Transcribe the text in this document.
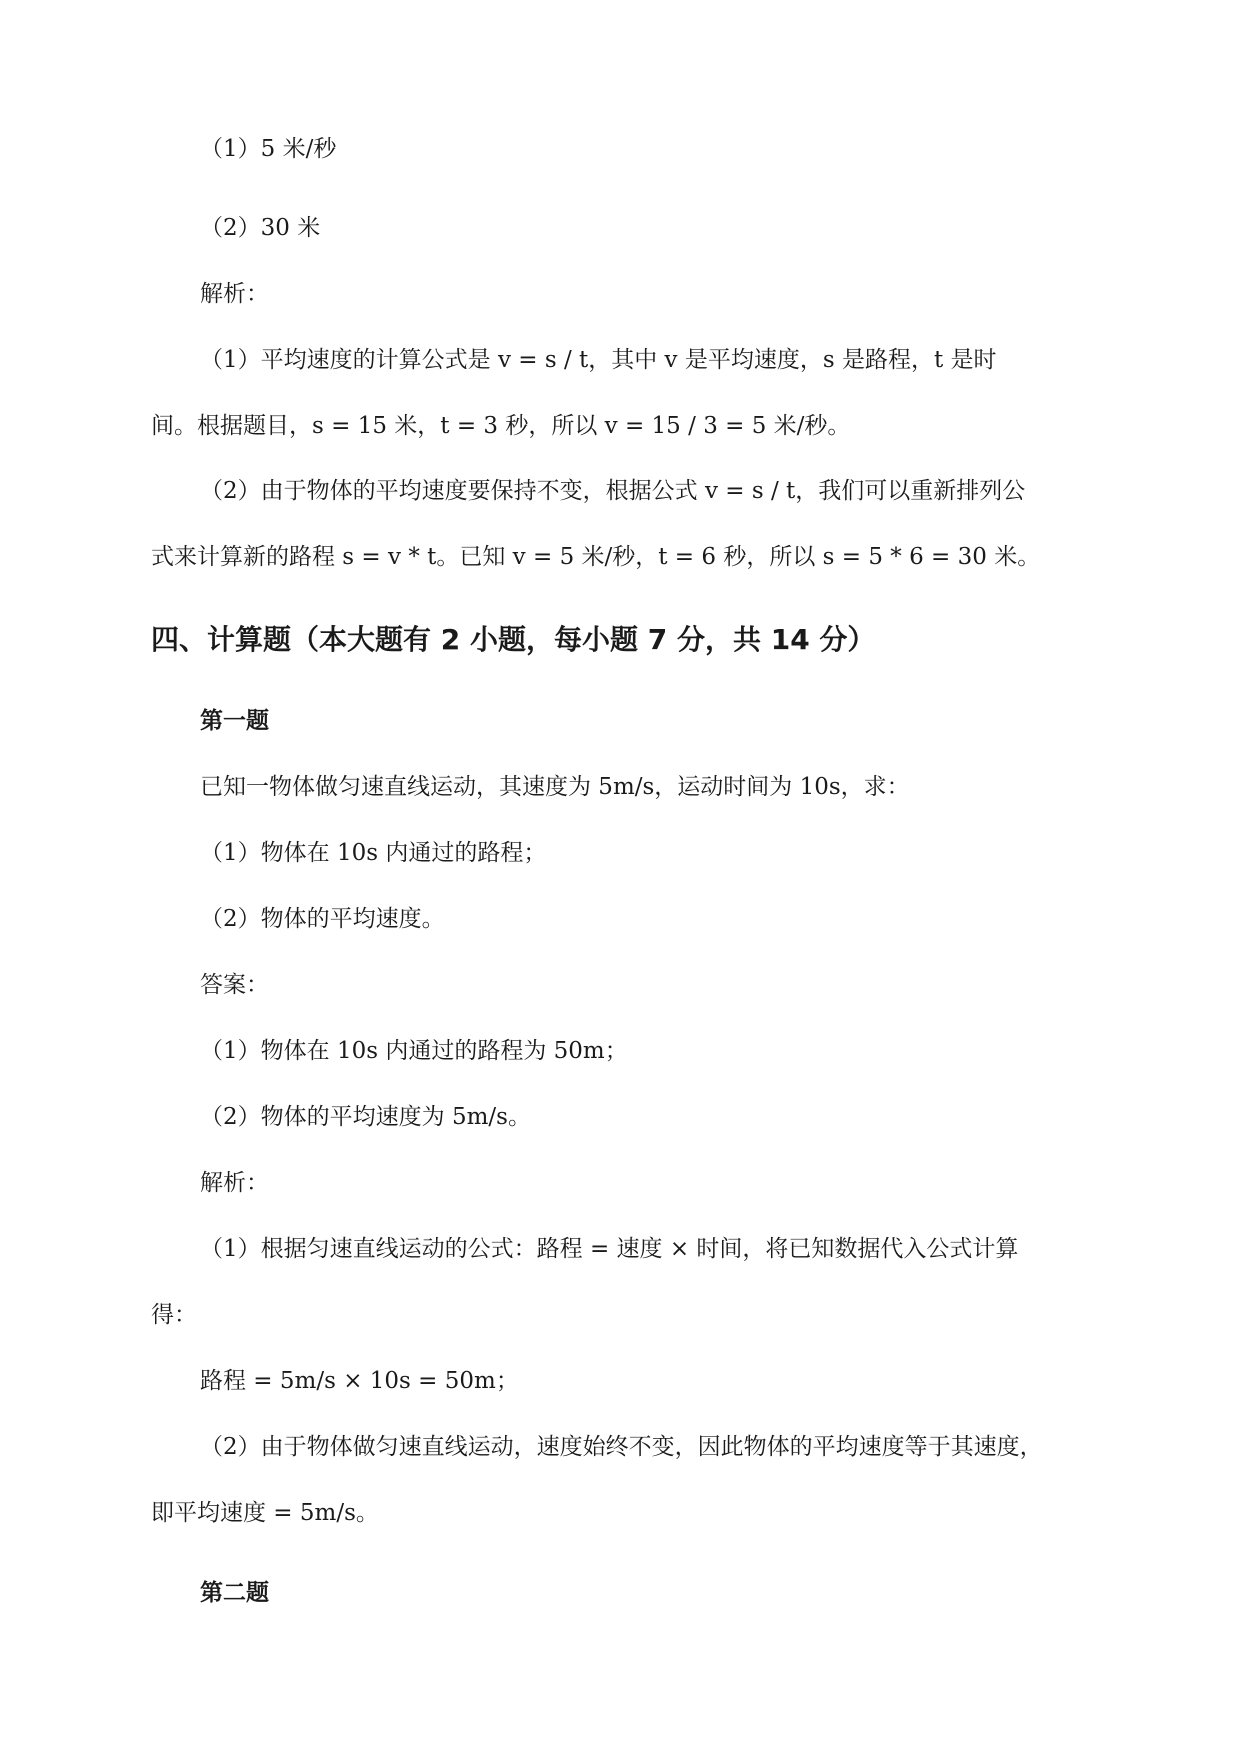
（1）5 米/秒
（2）30 米
解析：
（1）平均速度的计算公式是 v = s / t，其中 v 是平均速度，s 是路程，t 是时
间。根据题目，s = 15 米，t = 3 秒，所以 v = 15 / 3 = 5 米/秒。
（2）由于物体的平均速度要保持不变，根据公式 v = s / t，我们可以重新排列公
式来计算新的路程 s = v * t。已知 v = 5 米/秒，t = 6 秒，所以 s = 5 * 6 = 30 米。
四、计算题（本大题有 2 小题，每小题 7 分，共 14 分）
第一题
已知一物体做匀速直线运动，其速度为 5m/s，运动时间为 10s，求：
（1）物体在 10s 内通过的路程；
（2）物体的平均速度。
答案：
（1）物体在 10s 内通过的路程为 50m；
（2）物体的平均速度为 5m/s。
解析：
（1）根据匀速直线运动的公式：路程 = 速度 × 时间，将已知数据代入公式计算
得：
路程 = 5m/s × 10s = 50m；
（2）由于物体做匀速直线运动，速度始终不变，因此物体的平均速度等于其速度，
即平均速度 = 5m/s。
第二题
